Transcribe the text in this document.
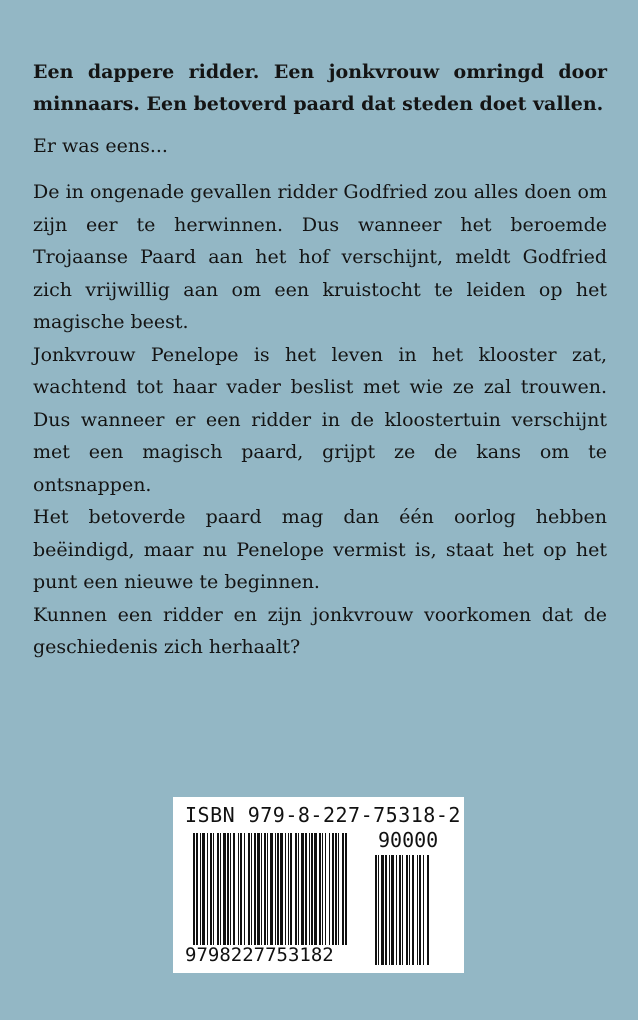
Een dappere ridder. Een jonkvrouw omringd door minnaars. Een betoverd paard dat steden doet vallen.

Er was eens...

De in ongenade gevallen ridder Godfried zou alles doen om zijn eer te herwinnen. Dus wanneer het beroemde Trojaanse Paard aan het hof verschijnt, meldt Godfried zich vrijwillig aan om een kruistocht te leiden op het magische beest.

Jonkvrouw Penelope is het leven in het klooster zat, wachtend tot haar vader beslist met wie ze zal trouwen. Dus wanneer er een ridder in de kloostertuin verschijnt met een magisch paard, grijpt ze de kans om te ontsnappen.

Het betoverde paard mag dan één oorlog hebben beëindigd, maar nu Penelope vermist is, staat het op het punt een nieuwe te beginnen.

Kunnen een ridder en zijn jonkvrouw voorkomen dat de geschiedenis zich herhaalt?

ISBN 979-8-227-75318-2
90000
9798227753182
